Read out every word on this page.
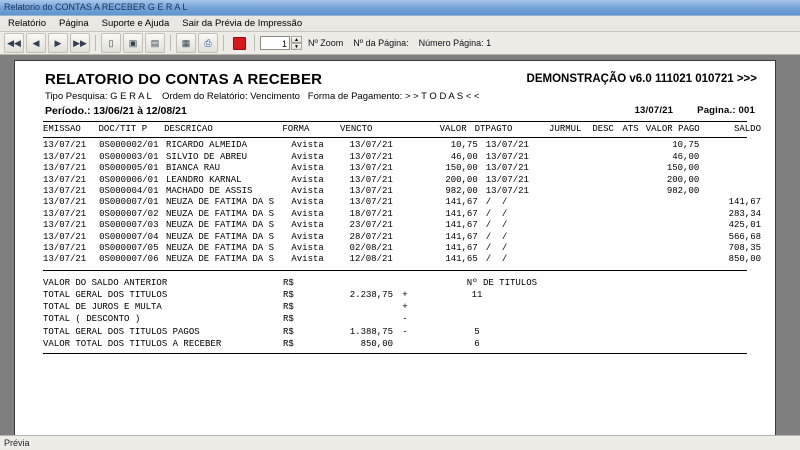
Relatorio do CONTAS A RECEBER G E R A L
Relatório Página Suporte e Ajuda Sair da Prévia de Impressão
◀◀	◀	▶	▶▶	▯	▣	▤	▦	⎙	1	▲
▼	Nº Zoom Nº da Página: Número Página: 1
RELATORIO DO CONTAS A RECEBER	DEMONSTRAÇÃO v6.0 111021 010721 >>>
Tipo Pesquisa: G E R A L    Ordem do Relatório: Vencimento   Forma de Pagamento: > > T O D A S < <
Período.: 13/06/21 à 12/08/21	13/07/21	Pagina.: 001
EMISSAO	DOC/TIT P	DESCRICAO	FORMA	VENCTO	VALOR	DTPAGTO	JURMUL	DESC	ATS	VALOR PAGO	SALDO
13/07/21	0S000002/01	RICARDO ALMEIDA	Avista	13/07/21	10,75	13/07/21				10,75	
13/07/21	0S000003/01	SILVIO DE ABREU	Avista	13/07/21	46,00	13/07/21				46,00	
13/07/21	0S000005/01	BIANCA RAU	Avista	13/07/21	150,00	13/07/21				150,00	
13/07/21	0S000006/01	LEANDRO KARNAL	Avista	13/07/21	200,00	13/07/21				200,00	
13/07/21	0S000004/01	MACHADO DE ASSIS	Avista	13/07/21	982,00	13/07/21				982,00	
13/07/21	0S000007/01	NEUZA DE FATIMA DA S	Avista	13/07/21	141,67	/  /					141,67
13/07/21	0S000007/02	NEUZA DE FATIMA DA S	Avista	18/07/21	141,67	/  /					283,34
13/07/21	0S000007/03	NEUZA DE FATIMA DA S	Avista	23/07/21	141,67	/  /					425,01
13/07/21	0S000007/04	NEUZA DE FATIMA DA S	Avista	28/07/21	141,67	/  /					566,68
13/07/21	0S000007/05	NEUZA DE FATIMA DA S	Avista	02/08/21	141,67	/  /					708,35
13/07/21	0S000007/06	NEUZA DE FATIMA DA S	Avista	12/08/21	141,65	/  /					850,00
VALOR DO SALDO ANTERIOR	R$			Nº DE TITULOS
TOTAL GERAL DOS TITULOS	R$	2.238,75	+	11
TOTAL DE JUROS E MULTA	R$		+	
TOTAL ( DESCONTO )	R$		-	
TOTAL GERAL DOS TITULOS PAGOS	R$	1.388,75	-	5
VALOR TOTAL DOS TITULOS A RECEBER	R$	850,00		6
Prévia
